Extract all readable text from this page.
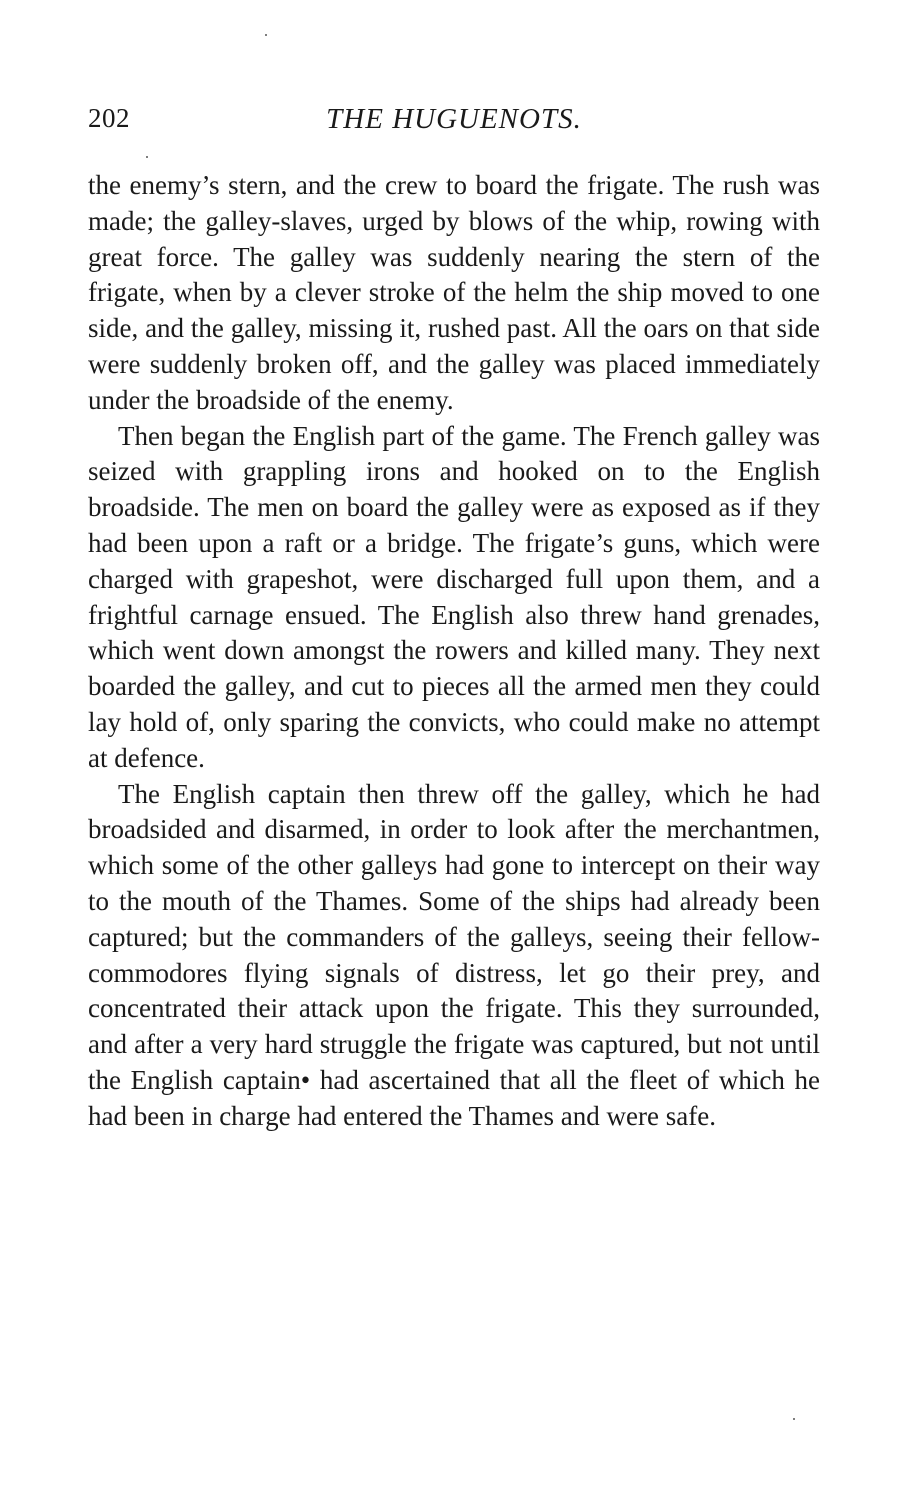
202	THE HUGUENOTS.

the enemy’s stern, and the crew to board the frigate. The rush was made; the galley-slaves, urged by blows of the whip, rowing with great force. The galley was suddenly nearing the stern of the frigate, when by a clever stroke of the helm the ship moved to one side, and the galley, missing it, rushed past. All the oars on that side were suddenly broken off, and the galley was placed immediately under the broadside of the enemy.

Then began the English part of the game. The French galley was seized with grappling irons and hooked on to the English broadside. The men on board the galley were as exposed as if they had been upon a raft or a bridge. The frigate’s guns, which were charged with grapeshot, were discharged full upon them, and a frightful carnage ensued. The English also threw hand grenades, which went down amongst the rowers and killed many. They next boarded the galley, and cut to pieces all the armed men they could lay hold of, only sparing the convicts, who could make no attempt at defence.

The English captain then threw off the galley, which he had broadsided and disarmed, in order to look after the merchantmen, which some of the other galleys had gone to intercept on their way to the mouth of the Thames. Some of the ships had already been captured; but the commanders of the galleys, seeing their fellow-commodores flying signals of distress, let go their prey, and concentrated their attack upon the frigate. This they surrounded, and after a very hard struggle the frigate was captured, but not until the English captain• had ascertained that all the fleet of which he had been in charge had entered the Thames and were safe.
